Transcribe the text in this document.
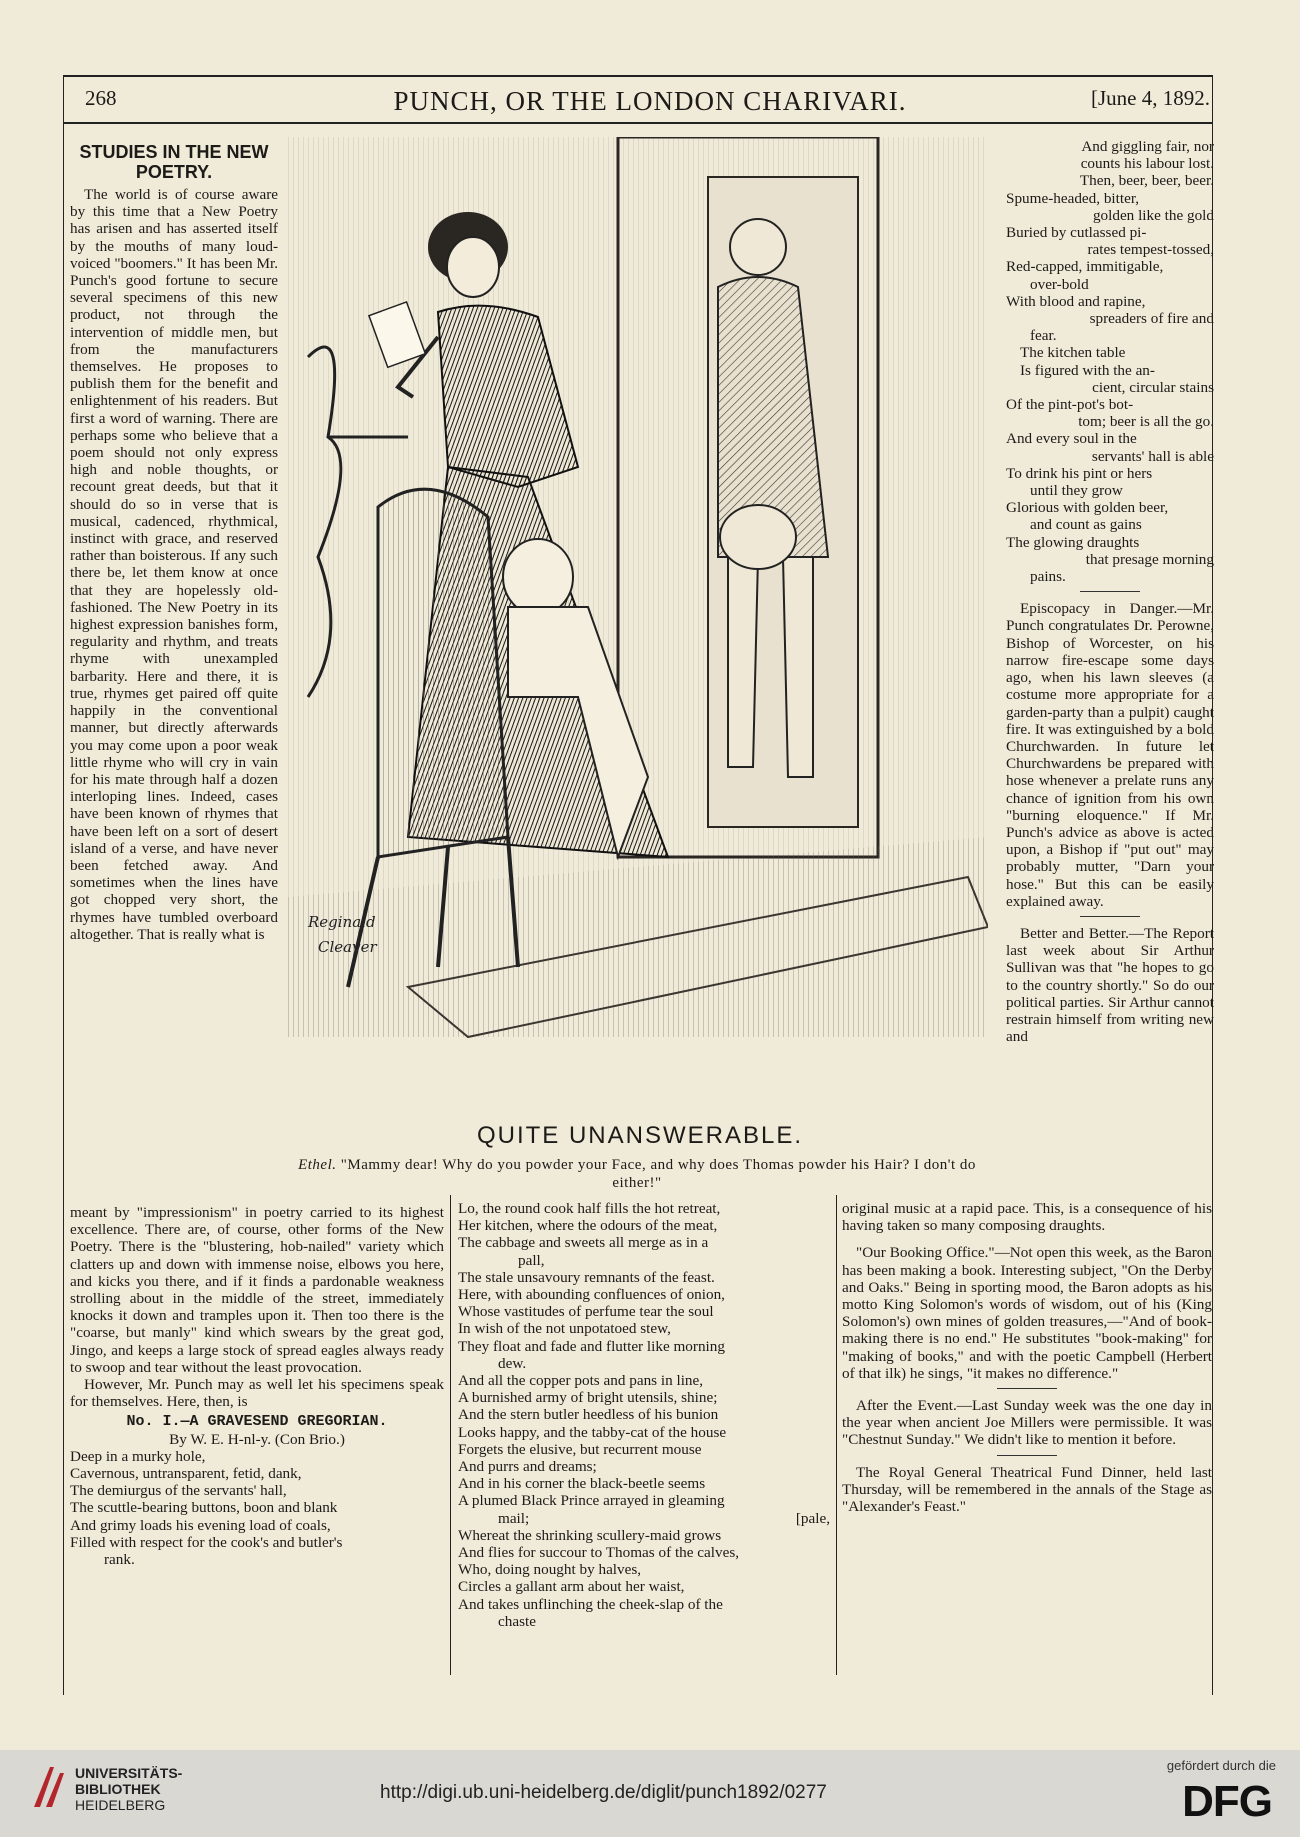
268	PUNCH, OR THE LONDON CHARIVARI.	[June 4, 1892.
STUDIES IN THE NEW POETRY.

The world is of course aware by this time that a New Poetry has arisen and has asserted itself by the mouths of many loud-voiced "boomers." It has been Mr. Punch's good fortune to secure several specimens of this new product, not through the intervention of middle men, but from the manufacturers themselves. He proposes to publish them for the benefit and enlightenment of his readers. But first a word of warning. There are perhaps some who believe that a poem should not only express high and noble thoughts, or recount great deeds, but that it should do so in verse that is musical, cadenced, rhythmical, instinct with grace, and reserved rather than boisterous. If any such there be, let them know at once that they are hopelessly old-fashioned. The New Poetry in its highest expression banishes form, regularity and rhythm, and treats rhyme with unexampled barbarity. Here and there, it is true, rhymes get paired off quite happily in the conventional manner, but directly afterwards you may come upon a poor weak little rhyme who will cry in vain for his mate through half a dozen interloping lines. Indeed, cases have been known of rhymes that have been left on a sort of desert island of a verse, and have never been fetched away. And sometimes when the lines have got chopped very short, the rhymes have tumbled overboard altogether. That is really what is

meant by "impressionism" in poetry carried to its highest excellence. There are, of course, other forms of the New Poetry. There is the "blustering, hob-nailed" variety which clatters up and down with immense noise, elbows you here, and kicks you there, and if it finds a pardonable weakness strolling about in the middle of the street, immediately knocks it down and tramples upon it. Then too there is the "coarse, but manly" kind which swears by the great god, Jingo, and keeps a large stock of spread eagles always ready to swoop and tear without the least provocation.

However, Mr. Punch may as well let his specimens speak for themselves. Here, then, is

No. I.—A GRAVESEND GREGORIAN.

By W. E. H-nl-y. (Con Brio.)

Deep in a murky hole,

Cavernous, untransparent, fetid, dank,

The demiurgus of the servants' hall,

The scuttle-bearing buttons, boon and blank

And grimy loads his evening load of coals,

Filled with respect for the cook's and butler's

rank.

Lo, the round cook half fills the hot retreat,

Her kitchen, where the odours of the meat,

The cabbage and sweets all merge as in a

pall,

The stale unsavoury remnants of the feast.

Here, with abounding confluences of onion,

Whose vastitudes of perfume tear the soul

In wish of the not unpotatoed stew,

They float and fade and flutter like morning

dew.

And all the copper pots and pans in line,

A burnished army of bright utensils, shine;

And the stern butler heedless of his bunion

Looks happy, and the tabby-cat of the house

Forgets the elusive, but recurrent mouse

And purrs and dreams;

And in his corner the black-beetle seems

A plumed Black Prince arrayed in gleaming

mail;	[pale,

Whereat the shrinking scullery-maid grows

And flies for succour to Thomas of the calves,

Who, doing nought by halves,

Circles a gallant arm about her waist,

And takes unflinching the cheek-slap of the

chaste

And giggling fair, nor

counts his labour lost.

Then, beer, beer, beer.

Spume-headed, bitter,

golden like the gold

Buried by cutlassed pi-

rates tempest-tossed,

Red-capped, immitigable,

over-bold

With blood and rapine,

spreaders of fire and

fear.

The kitchen table

Is figured with the an-

cient, circular stains

Of the pint-pot's bot-

tom; beer is all the go.

And every soul in the

servants' hall is able

To drink his pint or hers

until they grow

Glorious with golden beer,

and count as gains

The glowing draughts

that presage morning

pains.

Episcopacy in Danger.—Mr. Punch congratulates Dr. Perowne, Bishop of Worcester, on his narrow fire-escape some days ago, when his lawn sleeves (a costume more appropriate for a garden-party than a pulpit) caught fire. It was extinguished by a bold Churchwarden. In future let Churchwardens be prepared with hose whenever a prelate runs any chance of ignition from his own "burning eloquence." If Mr. Punch's advice as above is acted upon, a Bishop if "put out" may probably mutter, "Darn your hose." But this can be easily explained away.

Better and Better.—The Report last week about Sir Arthur Sullivan was that "he hopes to go to the country shortly." So do our political parties. Sir Arthur cannot restrain himself from writing new and

original music at a rapid pace. This, is a consequence of his having taken so many composing draughts.

"Our Booking Office."—Not open this week, as the Baron has been making a book. Interesting subject, "On the Derby and Oaks." Being in sporting mood, the Baron adopts as his motto King Solomon's words of wisdom, out of his (King Solomon's) own mines of golden treasures,—"And of book-making there is no end." He substitutes "book-making" for "making of books," and with the poetic Campbell (Herbert of that ilk) he sings, "it makes no difference."

After the Event.—Last Sunday week was the one day in the year when ancient Joe Millers were permissible. It was "Chestnut Sunday." We didn't like to mention it before.

The Royal General Theatrical Fund Dinner, held last Thursday, will be remembered in the annals of the Stage as "Alexander's Feast."

Reginald
Cleaver
QUITE UNANSWERABLE.
Ethel. "Mammy dear! Why do you powder your Face, and why does Thomas powder his Hair? I don't do either!"
UNIVERSITÄTS-
BIBLIOTHEK
HEIDELBERG
http://digi.ub.uni-heidelberg.de/diglit/punch1892/0277
gefördert durch die
DFG
